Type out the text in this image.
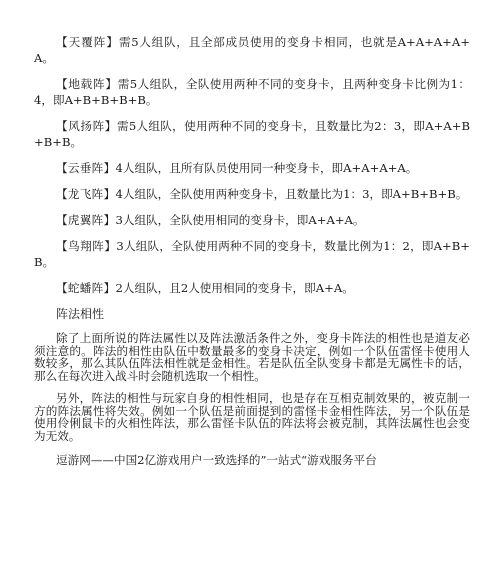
【天覆阵】需5人组队，且全部成员使用的变身卡相同，也就是A+A+A+A+A。

【地载阵】需5人组队，全队使用两种不同的变身卡，且两种变身卡比例为1：4，即A+B+B+B+B。

【风扬阵】需5人组队，使用两种不同的变身卡，且数量比为2：3，即A+A+B+B+B。

【云垂阵】4人组队，且所有队员使用同一种变身卡，即A+A+A+A。

【龙飞阵】4人组队，全队使用两种变身卡，且数量比为1：3，即A+B+B+B。

【虎翼阵】3人组队，全队使用相同的变身卡，即A+A+A。

【鸟翔阵】3人组队，全队使用两种不同的变身卡，数量比例为1：2，即A+B+B。

【蛇蟠阵】2人组队，且2人使用相同的变身卡，即A+A。

阵法相性

除了上面所说的阵法属性以及阵法激活条件之外，变身卡阵法的相性也是道友必须注意的。阵法的相性由队伍中数量最多的变身卡决定，例如一个队伍雷怪卡使用人数较多，那么其队伍阵法相性就是金相性。若是队伍全队变身卡都是无属性卡的话，那么在每次进入战斗时会随机选取一个相性。

另外，阵法的相性与玩家自身的相性相同，也是存在互相克制效果的，被克制一方的阵法属性将失效。例如一个队伍是前面提到的雷怪卡金相性阵法，另一个队伍是使用伶俐鼠卡的火相性阵法，那么雷怪卡队伍的阵法将会被克制，其阵法属性也会变为无效。

逗游网——中国2亿游戏用户一致选择的”一站式“游戏服务平台
